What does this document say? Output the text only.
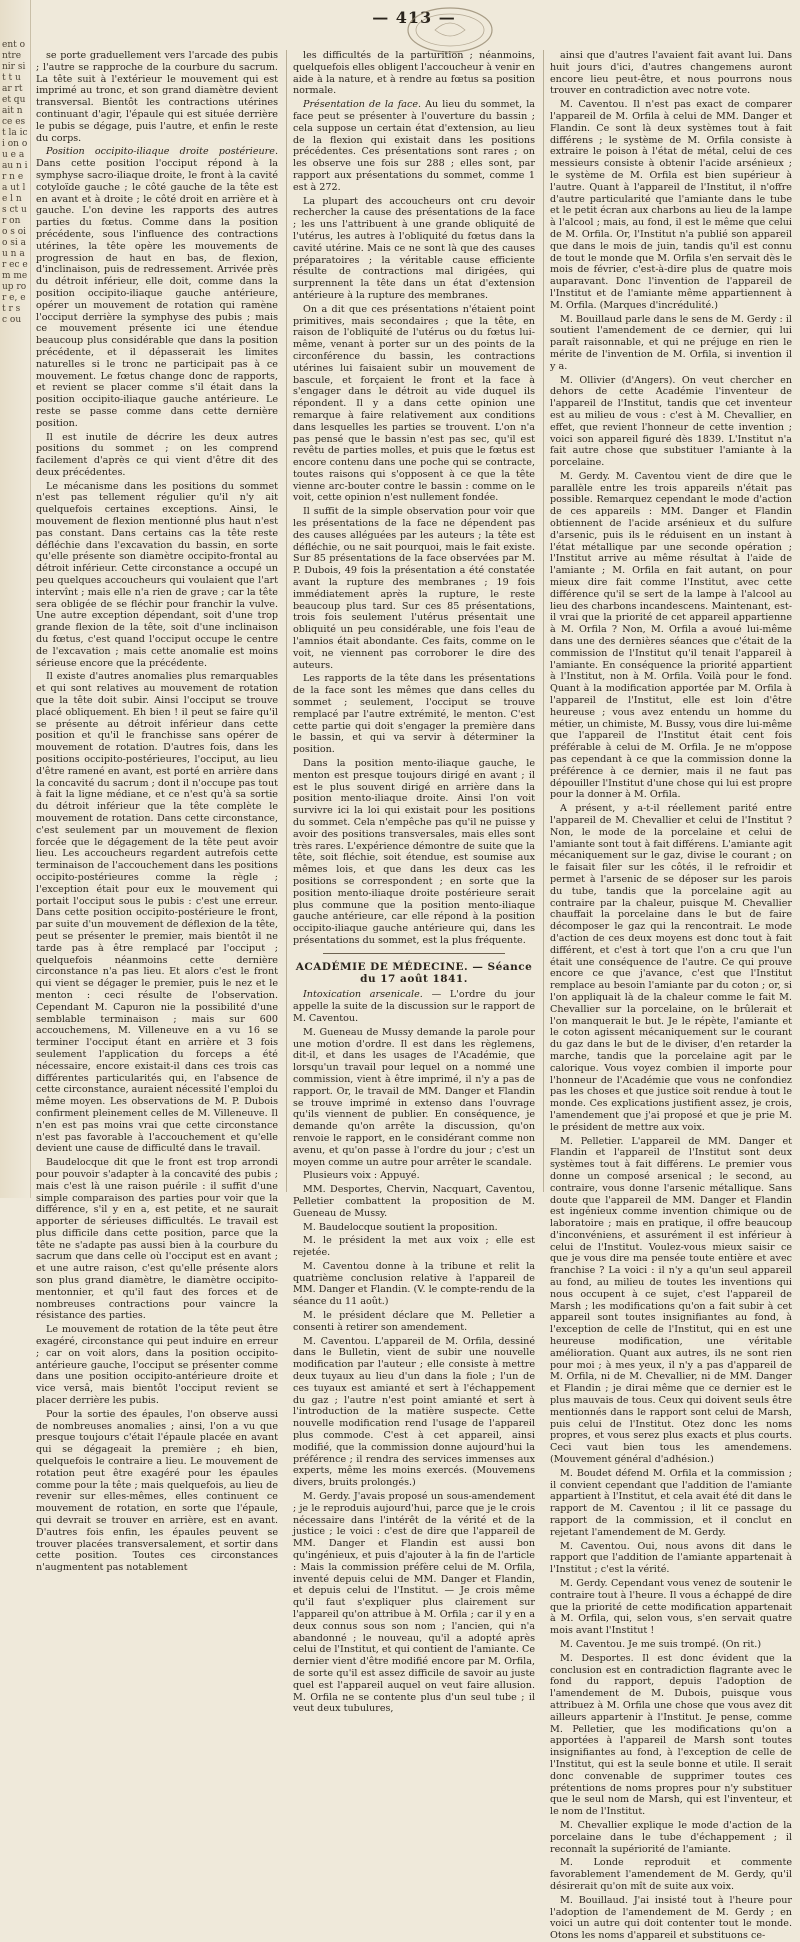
ent ontre nir sit t u ar rt et qu ait n ce est la ici on ou e a au n ir n e a ut l e l n s ct ur on o s oi o si au n ar ec em me up ro r e, et r s c ou

— 413 —

se porte graduellement vers l'arcade des pubis ; l'autre se rapproche de la courbure du sacrum. La tête suit à l'extérieur le mouvement qui est imprimé au tronc, et son grand diamètre devient transversal. Bientôt les contractions utérines continuant d'agir, l'épaule qui est située derrière le pubis se dégage, puis l'autre, et enfin le reste du corps.

Position occipito-iliaque droite postérieure. Dans cette position l'occiput répond à la symphyse sacro-iliaque droite, le front à la cavité cotyloïde gauche ; le côté gauche de la tête est en avant et à droite ; le côté droit en arrière et à gauche. L'on devine les rapports des autres parties du fœtus. Comme dans la position précédente, sous l'influence des contractions utérines, la tête opère les mouvements de progression de haut en bas, de flexion, d'inclinaison, puis de redressement. Arrivée près du détroit inférieur, elle doit, comme dans la position occipito-iliaque gauche antérieure, opérer un mouvement de rotation qui ramène l'occiput derrière la symphyse des pubis ; mais ce mouvement présente ici une étendue beaucoup plus considérable que dans la position précédente, et il dépasserait les limites naturelles si le tronc ne participait pas à ce mouvement. Le fœtus change donc de rapports, et revient se placer comme s'il était dans la position occipito-iliaque gauche antérieure. Le reste se passe comme dans cette dernière position.

Il est inutile de décrire les deux autres positions du sommet ; on les comprend facilement d'après ce qui vient d'être dit des deux précédentes.

Le mécanisme dans les positions du sommet n'est pas tellement régulier qu'il n'y ait quelquefois certaines exceptions. Ainsi, le mouvement de flexion mentionné plus haut n'est pas constant. Dans certains cas la tête reste défléchie dans l'excavation du bassin, en sorte qu'elle présente son diamètre occipito-frontal au détroit inférieur. Cette circonstance a occupé un peu quelques accoucheurs qui voulaient que l'art intervînt ; mais elle n'a rien de grave ; car la tête sera obligée de se fléchir pour franchir la vulve. Une autre exception dépendant, soit d'une trop grande flexion de la tête, soit d'une inclinaison du fœtus, c'est quand l'occiput occupe le centre de l'excavation ; mais cette anomalie est moins sérieuse encore que la précédente.

Il existe d'autres anomalies plus remarquables et qui sont relatives au mouvement de rotation que la tête doit subir. Ainsi l'occiput se trouve placé obliquement. Eh bien ! il peut se faire qu'il se présente au détroit inférieur dans cette position et qu'il le franchisse sans opérer de mouvement de rotation. D'autres fois, dans les positions occipito-postérieures, l'occiput, au lieu d'être ramené en avant, est porté en arrière dans la concavité du sacrum ; dont il n'occupe pas tout à fait la ligne médiane, et ce n'est qu'à sa sortie du détroit inférieur que la tête complète le mouvement de rotation. Dans cette circonstance, c'est seulement par un mouvement de flexion forcée que le dégagement de la tête peut avoir lieu. Les accoucheurs regardent autrefois cette terminaison de l'accouchement dans les positions occipito-postérieures comme la règle ; l'exception était pour eux le mouvement qui portait l'occiput sous le pubis : c'est une erreur. Dans cette position occipito-postérieure le front, par suite d'un mouvement de déflexion de la tête, peut se présenter le premier, mais bientôt il ne tarde pas à être remplacé par l'occiput ; quelquefois néanmoins cette dernière circonstance n'a pas lieu. Et alors c'est le front qui vient se dégager le premier, puis le nez et le menton : ceci résulte de l'observation. Cependant M. Capuron nie la possibilité d'une semblable terminaison ; mais sur 600 accouchemens, M. Villeneuve en a vu 16 se terminer l'occiput étant en arrière et 3 fois seulement l'application du forceps a été nécessaire, encore existait-il dans ces trois cas différentes particularités qui, en l'absence de cette circonstance, auraient nécessité l'emploi du même moyen. Les observations de M. P. Dubois confirment pleinement celles de M. Villeneuve. Il n'en est pas moins vrai que cette circonstance n'est pas favorable à l'accouchement et qu'elle devient une cause de difficulté dans le travail.

Baudelocque dit que le front est trop arrondi pour pouvoir s'adapter à la concavité des pubis ; mais c'est là une raison puérile : il suffit d'une simple comparaison des parties pour voir que la différence, s'il y en a, est petite, et ne saurait apporter de sérieuses difficultés. Le travail est plus difficile dans cette position, parce que la tête ne s'adapte pas aussi bien à la courbure du sacrum que dans celle où l'occiput est en avant ; et une autre raison, c'est qu'elle présente alors son plus grand diamètre, le diamètre occipito-mentonnier, et qu'il faut des forces et de nombreuses contractions pour vaincre la résistance des parties.

Le mouvement de rotation de la tête peut être exagéré, circonstance qui peut induire en erreur ; car on voit alors, dans la position occipito-antérieure gauche, l'occiput se présenter comme dans une position occipito-antérieure droite et vice versâ, mais bientôt l'occiput revient se placer derrière les pubis.

Pour la sortie des épaules, l'on observe aussi de nombreuses anomalies ; ainsi, l'on a vu que presque toujours c'était l'épaule placée en avant qui se dégageait la première ; eh bien, quelquefois le contraire a lieu. Le mouvement de rotation peut être exagéré pour les épaules comme pour la tête ; mais quelquefois, au lieu de revenir sur elles-mêmes, elles continuent ce mouvement de rotation, en sorte que l'épaule, qui devrait se trouver en arrière, est en avant. D'autres fois enfin, les épaules peuvent se trouver placées transversalement, et sortir dans cette position. Toutes ces circonstances n'augmentent pas notablement

les difficultés de la parturition ; néanmoins, quelquefois elles obligent l'accoucheur à venir en aide à la nature, et à rendre au fœtus sa position normale.

Présentation de la face. Au lieu du sommet, la face peut se présenter à l'ouverture du bassin ; cela suppose un certain état d'extension, au lieu de la flexion qui existait dans les positions précédentes. Ces présentations sont rares ; on les observe une fois sur 288 ; elles sont, par rapport aux présentations du sommet, comme 1 est à 272.

La plupart des accoucheurs ont cru devoir rechercher la cause des présentations de la face ; les uns l'attribuent à une grande obliquité de l'utérus, les autres à l'obliquité du fœtus dans la cavité utérine. Mais ce ne sont là que des causes préparatoires ; la véritable cause efficiente résulte de contractions mal dirigées, qui surprennent la tête dans un état d'extension antérieure à la rupture des membranes.

On a dit que ces présentations n'étaient point primitives, mais secondaires ; que la tête, en raison de l'obliquité de l'utérus ou du fœtus lui-même, venant à porter sur un des points de la circonférence du bassin, les contractions utérines lui faisaient subir un mouvement de bascule, et forçaient le front et la face à s'engager dans le détroit au vide duquel ils répondent. Il y a dans cette opinion une remarque à faire relativement aux conditions dans lesquelles les parties se trouvent. L'on n'a pas pensé que le bassin n'est pas sec, qu'il est revêtu de parties molles, et puis que le fœtus est encore contenu dans une poche qui se contracte, toutes raisons qui s'opposent à ce que la tête vienne arc-bouter contre le bassin : comme on le voit, cette opinion n'est nullement fondée.

Il suffit de la simple observation pour voir que les présentations de la face ne dépendent pas des causes alléguées par les auteurs ; la tête est défléchie, ou ne sait pourquoi, mais le fait existe. Sur 85 présentations de la face observées par M. P. Dubois, 49 fois la présentation a été constatée avant la rupture des membranes ; 19 fois immédiatement après la rupture, le reste beaucoup plus tard. Sur ces 85 présentations, trois fois seulement l'utérus présentait une obliquité un peu considérable, une fois l'eau de l'amnios était abondante. Ces faits, comme on le voit, ne viennent pas corroborer le dire des auteurs.

Les rapports de la tête dans les présentations de la face sont les mêmes que dans celles du sommet ; seulement, l'occiput se trouve remplacé par l'autre extrémité, le menton. C'est cette partie qui doit s'engager la première dans le bassin, et qui va servir à déterminer la position.

Dans la position mento-iliaque gauche, le menton est presque toujours dirigé en avant ; il est le plus souvent dirigé en arrière dans la position mento-iliaque droite. Ainsi l'on voit survivre ici la loi qui existait pour les positions du sommet. Cela n'empêche pas qu'il ne puisse y avoir des positions transversales, mais elles sont très rares. L'expérience démontre de suite que la tête, soit fléchie, soit étendue, est soumise aux mêmes lois, et que dans les deux cas les positions se correspondent ; en sorte que la position mento-iliaque droite postérieure serait plus commune que la position mento-iliaque gauche antérieure, car elle répond à la position occipito-iliaque gauche antérieure qui, dans les présentations du sommet, est la plus fréquente.

ACADÉMIE DE MÉDECINE. — Séance du 17 août 1841.

Intoxication arsenicale. — L'ordre du jour appelle la suite de la discussion sur le rapport de M. Caventou.

M. Gueneau de Mussy demande la parole pour une motion d'ordre. Il est dans les règlemens, dit-il, et dans les usages de l'Académie, que lorsqu'un travail pour lequel on a nommé une commission, vient à être imprimé, il n'y a pas de rapport. Or, le travail de MM. Danger et Flandin se trouve imprimé in extenso dans l'ouvrage qu'ils viennent de publier. En conséquence, je demande qu'on arrête la discussion, qu'on renvoie le rapport, en le considérant comme non avenu, et qu'on passe à l'ordre du jour ; c'est un moyen comme un autre pour arrêter le scandale.

Plusieurs voix : Appuyé.

MM. Desportes, Chervin, Nacquart, Caventou, Pelletier combattent la proposition de M. Gueneau de Mussy.

M. Baudelocque soutient la proposition.

M. le président la met aux voix ; elle est rejetée.

M. Caventou donne à la tribune et relit la quatrième conclusion relative à l'appareil de MM. Danger et Flandin. (V. le compte-rendu de la séance du 11 août.)

M. le président déclare que M. Pelletier a consenti à retirer son amendement.

M. Caventou. L'appareil de M. Orfila, dessiné dans le Bulletin, vient de subir une nouvelle modification par l'auteur ; elle consiste à mettre deux tuyaux au lieu d'un dans la fiole ; l'un de ces tuyaux est amianté et sert à l'échappement du gaz ; l'autre n'est point amianté et sert à l'introduction de la matière suspecte. Cette nouvelle modification rend l'usage de l'appareil plus commode. C'est à cet appareil, ainsi modifié, que la commission donne aujourd'hui la préférence ; il rendra des services immenses aux experts, même les moins exercés. (Mouvemens divers, bruits prolongés.)

M. Gerdy. J'avais proposé un sous-amendement ; je le reproduis aujourd'hui, parce que je le crois nécessaire dans l'intérêt de la vérité et de la justice ; le voici : c'est de dire que l'appareil de MM. Danger et Flandin est aussi bon qu'ingénieux, et puis d'ajouter à la fin de l'article : Mais la commission préfère celui de M. Orfila, inventé depuis celui de MM. Danger et Flandin, et depuis celui de l'Institut. — Je crois même qu'il faut s'expliquer plus clairement sur l'appareil qu'on attribue à M. Orfila ; car il y en a deux connus sous son nom ; l'ancien, qui n'a abandonné ; le nouveau, qu'il a adopté après celui de l'Institut, et qui contient de l'amiante. Ce dernier vient d'être modifié encore par M. Orfila, de sorte qu'il est assez difficile de savoir au juste quel est l'appareil auquel on veut faire allusion. M. Orfila ne se contente plus d'un seul tube ; il veut deux tubulures,

ainsi que d'autres l'avaient fait avant lui. Dans huit jours d'ici, d'autres changemens auront encore lieu peut-être, et nous pourrons nous trouver en contradiction avec notre vote.

M. Caventou. Il n'est pas exact de comparer l'appareil de M. Orfila à celui de MM. Danger et Flandin. Ce sont là deux systèmes tout à fait différens ; le système de M. Orfila consiste à extraire le poison à l'état de métal, celui de ces messieurs consiste à obtenir l'acide arsénieux ; le système de M. Orfila est bien supérieur à l'autre. Quant à l'appareil de l'Institut, il n'offre d'autre particularité que l'amiante dans le tube et le petit écran aux charbons au lieu de la lampe à l'alcool ; mais, au fond, il est le même que celui de M. Orfila. Or, l'Institut n'a publié son appareil que dans le mois de juin, tandis qu'il est connu de tout le monde que M. Orfila s'en servait dès le mois de février, c'est-à-dire plus de quatre mois auparavant. Donc l'invention de l'appareil de l'Institut et de l'amiante même appartiennent à M. Orfila. (Marques d'incrédulité.)

M. Bouillaud parle dans le sens de M. Gerdy : il soutient l'amendement de ce dernier, qui lui paraît raisonnable, et qui ne préjuge en rien le mérite de l'invention de M. Orfila, si invention il y a.

M. Ollivier (d'Angers). On veut chercher en dehors de cette Académie l'inventeur de l'appareil de l'Institut, tandis que cet inventeur est au milieu de vous : c'est à M. Chevallier, en effet, que revient l'honneur de cette invention ; voici son appareil figuré dès 1839. L'Institut n'a fait autre chose que substituer l'amiante à la porcelaine.

M. Gerdy. M. Caventou vient de dire que le parallèle entre les trois appareils n'était pas possible. Remarquez cependant le mode d'action de ces appareils : MM. Danger et Flandin obtiennent de l'acide arsénieux et du sulfure d'arsenic, puis ils le réduisent en un instant à l'état métallique par une seconde opération ; l'Institut arrive au même résultat à l'aide de l'amiante ; M. Orfila en fait autant, on pour mieux dire fait comme l'Institut, avec cette différence qu'il se sert de la lampe à l'alcool au lieu des charbons incandescens. Maintenant, est-il vrai que la priorité de cet appareil appartienne à M. Orfila ? Non, M. Orfila a avoué lui-même dans une des dernières séances que c'était de la commission de l'Institut qu'il tenait l'appareil à l'amiante. En conséquence la priorité appartient à l'Institut, non à M. Orfila. Voilà pour le fond. Quant à la modification apportée par M. Orfila à l'appareil de l'Institut, elle est loin d'être heureuse ; vous avez entendu un homme du métier, un chimiste, M. Bussy, vous dire lui-même que l'appareil de l'Institut était cent fois préférable à celui de M. Orfila. Je ne m'oppose pas cependant à ce que la commission donne la préférence à ce dernier, mais il ne faut pas dépouiller l'Institut d'une chose qui lui est propre pour la donner à M. Orfila.

A présent, y a-t-il réellement parité entre l'appareil de M. Chevallier et celui de l'Institut ? Non, le mode de la porcelaine et celui de l'amiante sont tout à fait différens. L'amiante agit mécaniquement sur le gaz, divise le courant ; on le faisait filer sur les côtés, il le refroidir et permet à l'arsenic de se déposer sur les parois du tube, tandis que la porcelaine agit au contraire par la chaleur, puisque M. Chevallier chauffait la porcelaine dans le but de faire décomposer le gaz qui la rencontrait. Le mode d'action de ces deux moyens est donc tout à fait différent, et c'est à tort que l'on a cru que l'un était une conséquence de l'autre. Ce qui prouve encore ce que j'avance, c'est que l'Institut remplace au besoin l'amiante par du coton ; or, si l'on appliquait là de la chaleur comme le fait M. Chevallier sur la porcelaine, on le brûlerait et l'on manquerait le but. Je le répète, l'amiante et le coton agissent mécaniquement sur le courant du gaz dans le but de le diviser, d'en retarder la marche, tandis que la porcelaine agit par le calorique. Vous voyez combien il importe pour l'honneur de l'Académie que vous ne confondiez pas les choses et que justice soit rendue à tout le monde. Ces explications justifient assez, je crois, l'amendement que j'ai proposé et que je prie M. le président de mettre aux voix.

M. Pelletier. L'appareil de MM. Danger et Flandin et l'appareil de l'Institut sont deux systèmes tout à fait différens. Le premier vous donne un composé arsenical ; le second, au contraire, vous donne l'arsenic métallique. Sans doute que l'appareil de MM. Danger et Flandin est ingénieux comme invention chimique ou de laboratoire ; mais en pratique, il offre beaucoup d'inconvéniens, et assurément il est inférieur à celui de l'Institut. Voulez-vous mieux saisir ce que je vous dire ma pensée toute entière et avec franchise ? La voici : il n'y a qu'un seul appareil au fond, au milieu de toutes les inventions qui nous occupent à ce sujet, c'est l'appareil de Marsh ; les modifications qu'on a fait subir à cet appareil sont toutes insignifiantes au fond, à l'exception de celle de l'Institut, qui en est une heureuse modification, une véritable amélioration. Quant aux autres, ils ne sont rien pour moi ; à mes yeux, il n'y a pas d'appareil de M. Orfila, ni de M. Chevallier, ni de MM. Danger et Flandin ; je dirai même que ce dernier est le plus mauvais de tous. Ceux qui doivent seuls être mentionnés dans le rapport sont celui de Marsh, puis celui de l'Institut. Otez donc les noms propres, et vous serez plus exacts et plus courts. Ceci vaut bien tous les amendemens. (Mouvement général d'adhésion.)

M. Boudet défend M. Orfila et la commission ; il convient cependant que l'addition de l'amiante appartient à l'Institut, et cela avait été dit dans le rapport de M. Caventou ; il lit ce passage du rapport de la commission, et il conclut en rejetant l'amendement de M. Gerdy.

M. Caventou. Oui, nous avons dit dans le rapport que l'addition de l'amiante appartenait à l'Institut ; c'est la vérité.

M. Gerdy. Cependant vous venez de soutenir le contraire tout à l'heure. Il vous a échappé de dire que la priorité de cette modification appartenait à M. Orfila, qui, selon vous, s'en servait quatre mois avant l'Institut !

M. Caventou. Je me suis trompé. (On rit.)

M. Desportes. Il est donc évident que la conclusion est en contradiction flagrante avec le fond du rapport, depuis l'adoption de l'amendement de M. Dubois, puisque vous attribuez à M. Orfila une chose que vous avez dit ailleurs appartenir à l'Institut. Je pense, comme M. Pelletier, que les modifications qu'on a apportées à l'appareil de Marsh sont toutes insignifiantes au fond, à l'exception de celle de l'Institut, qui est la seule bonne et utile. Il serait donc convenable de supprimer toutes ces prétentions de noms propres pour n'y substituer que le seul nom de Marsh, qui est l'inventeur, et le nom de l'Institut.

M. Chevallier explique le mode d'action de la porcelaine dans le tube d'échappement ; il reconnaît la supériorité de l'amiante.

M. Londe reproduit et commente favorablement l'amendement de M. Gerdy, qu'il désirerait qu'on mît de suite aux voix.

M. Bouillaud. J'ai insisté tout à l'heure pour l'adoption de l'amendement de M. Gerdy ; en voici un autre qui doit contenter tout le monde. Otons les noms d'appareil et substituons ce-
